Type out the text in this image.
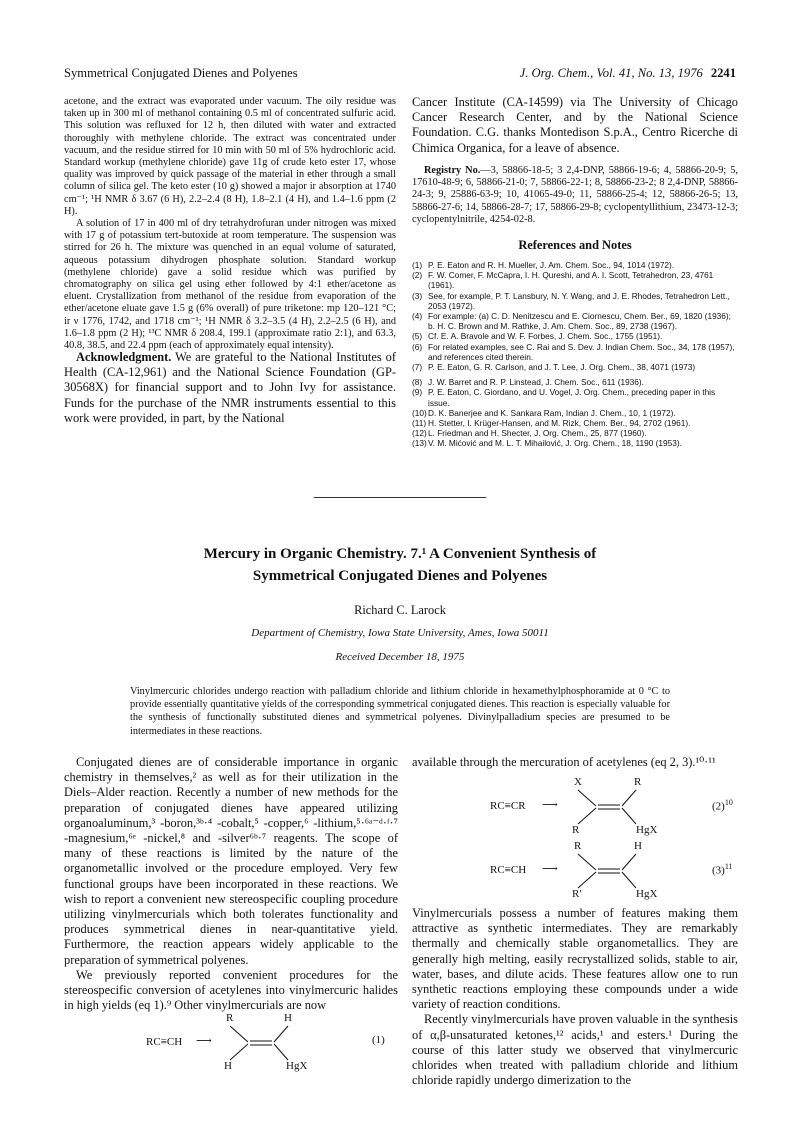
Symmetrical Conjugated Dienes and Polyenes	J. Org. Chem., Vol. 41, No. 13, 1976 2241

acetone, and the extract was evaporated under vacuum. The oily residue was taken up in 300 ml of methanol containing 0.5 ml of concentrated sulfuric acid. This solution was refluxed for 12 h, then diluted with water and extracted thoroughly with methylene chloride. The extract was concentrated under vacuum, and the residue stirred for 10 min with 50 ml of 5% hydrochloric acid. Standard workup (methylene chloride) gave 11g of crude keto ester 17, whose quality was improved by quick passage of the material in ether through a small column of silica gel. The keto ester (10 g) showed a major ir absorption at 1740 cm⁻¹; ¹H NMR δ 3.67 (6 H), 2.2–2.4 (8 H), 1.8–2.1 (4 H), and 1.4–1.6 ppm (2 H).

A solution of 17 in 400 ml of dry tetrahydrofuran under nitrogen was mixed with 17 g of potassium tert-butoxide at room temperature. The suspension was stirred for 26 h. The mixture was quenched in an equal volume of saturated, aqueous potassium dihydrogen phosphate solution. Standard workup (methylene chloride) gave a solid residue which was purified by chromatography on silica gel using ether followed by 4:1 ether/acetone as eluent. Crystallization from methanol of the residue from evaporation of the ether/acetone eluate gave 1.5 g (6% overall) of pure triketone: mp 120–121 °C; ir ν 1776, 1742, and 1718 cm⁻¹; ¹H NMR δ 3.2–3.5 (4 H), 2.2–2.5 (6 H), and 1.6–1.8 ppm (2 H); ¹³C NMR δ 208.4, 199.1 (approximate ratio 2:1), and 63.3, 40.8, 38.5, and 22.4 ppm (each of approximately equal intensity).

Acknowledgment. We are grateful to the National Institutes of Health (CA-12,961) and the National Science Foundation (GP-30568X) for financial support and to John Ivy for assistance. Funds for the purchase of the NMR instruments essential to this work were provided, in part, by the National

Cancer Institute (CA-14599) via The University of Chicago Cancer Research Center, and by the National Science Foundation. C.G. thanks Montedison S.p.A., Centro Ricerche di Chimica Organica, for a leave of absence.

Registry No.—3, 58866-18-5; 3 2,4-DNP, 58866-19-6; 4, 58866-20-9; 5, 17610-48-9; 6, 58866-21-0; 7, 58866-22-1; 8, 58866-23-2; 8 2,4-DNP, 58866-24-3; 9, 25886-63-9; 10, 41065-49-0; 11, 58866-25-4; 12, 58866-26-5; 13, 58866-27-6; 14, 58866-28-7; 17, 58866-29-8; cyclopentyllithium, 23473-12-3; cyclopentylnitrile, 4254-02-8.

References and Notes
(1) P. E. Eaton and R. H. Mueller, J. Am. Chem. Soc., 94, 1014 (1972).
(2) F. W. Comer, F. McCapra, I. H. Qureshi, and A. I. Scott, Tetrahedron, 23, 4761 (1961).
(3) See, for example, P. T. Lansbury, N. Y. Wang, and J. E. Rhodes, Tetrahedron Lett., 2053 (1972).
(4) For example: (a) C. D. Nenitzescu and E. Ciornescu, Chem. Ber., 69, 1820 (1936); b. H. C. Brown and M. Rathke, J. Am. Chem. Soc., 89, 2738 (1967).
(5) Cf. E. A. Bravole and W. F. Forbes, J. Chem. Soc., 1755 (1951).
(6) For related examples, see C. Rai and S. Dev. J. Indian Chem. Soc., 34, 178 (1957), and references cited therein.
(7) P. E. Eaton, G. R. Carlson, and J. T. Lee, J. Org. Chem., 38, 4071 (1973)
(8) J. W. Barret and R. P. Linstead, J. Chem. Soc., 611 (1936).
(9) P. E. Eaton, C. Giordano, and U. Vogel, J. Org. Chem., preceding paper in this issue.
(10) D. K. Banerjee and K. Sankara Ram, Indian J. Chem., 10, 1 (1972).
(11) H. Stetter, I. Krüger-Hansen, and M. Rizk, Chem. Ber., 94, 2702 (1961).
(12) L. Friedman and H. Shecter, J. Org. Chem., 25, 877 (1960).
(13) V. M. Mićović and M. L. T. Mihailović, J. Org. Chem., 18, 1190 (1953).
Mercury in Organic Chemistry. 7.¹ A Convenient Synthesis of
Symmetrical Conjugated Dienes and Polyenes
Richard C. Larock
Department of Chemistry, Iowa State University, Ames, Iowa 50011
Received December 18, 1975
Vinylmercuric chlorides undergo reaction with palladium chloride and lithium chloride in hexamethylphosphoramide at 0 °C to provide essentially quantitative yields of the corresponding symmetrical conjugated dienes. This reaction is especially valuable for the synthesis of functionally substituted dienes and symmetrical polyenes. Divinylpalladium species are presumed to be intermediates in these reactions.

Conjugated dienes are of considerable importance in organic chemistry in themselves,² as well as for their utilization in the Diels–Alder reaction. Recently a number of new methods for the preparation of conjugated dienes have appeared utilizing organoaluminum,³ -boron,³ᵇ·⁴ -cobalt,⁵ -copper,⁶ -lithium,⁵·⁶ᵃ⁻ᵈ·ᶠ·⁷ -magnesium,⁶ᵉ -nickel,⁸ and -silver⁶ᵇ·⁷ reagents. The scope of many of these reactions is limited by the nature of the organometallic involved or the procedure employed. Very few functional groups have been incorporated in these reactions. We wish to report a convenient new stereospecific coupling procedure utilizing vinylmercurials which both tolerates functionality and produces symmetrical dienes in near-quantitative yield. Furthermore, the reaction appears widely applicable to the preparation of symmetrical polyenes.

We previously reported convenient procedures for the stereospecific conversion of acetylenes into vinylmercuric halides in high yields (eq 1).⁹ Other vinylmercurials are now

RC≡CH ⟶
R	H
H	HgX
(1)
available through the mercuration of acetylenes (eq 2, 3).¹⁰·¹¹
RC≡CR ⟶
X	R
R	HgX
$(2)^{10}$
RC≡CH ⟶
R	H
R′	HgX
$(3)^{11}$

Vinylmercurials possess a number of features making them attractive as synthetic intermediates. They are remarkably thermally and chemically stable organometallics. They are generally high melting, easily recrystallized solids, stable to air, water, bases, and dilute acids. These features allow one to run synthetic reactions employing these compounds under a wide variety of reaction conditions.

Recently vinylmercurials have proven valuable in the synthesis of α,β-unsaturated ketones,¹² acids,¹ and esters.¹ During the course of this latter study we observed that vinylmercuric chlorides when treated with palladium chloride and lithium chloride rapidly undergo dimerization to the
